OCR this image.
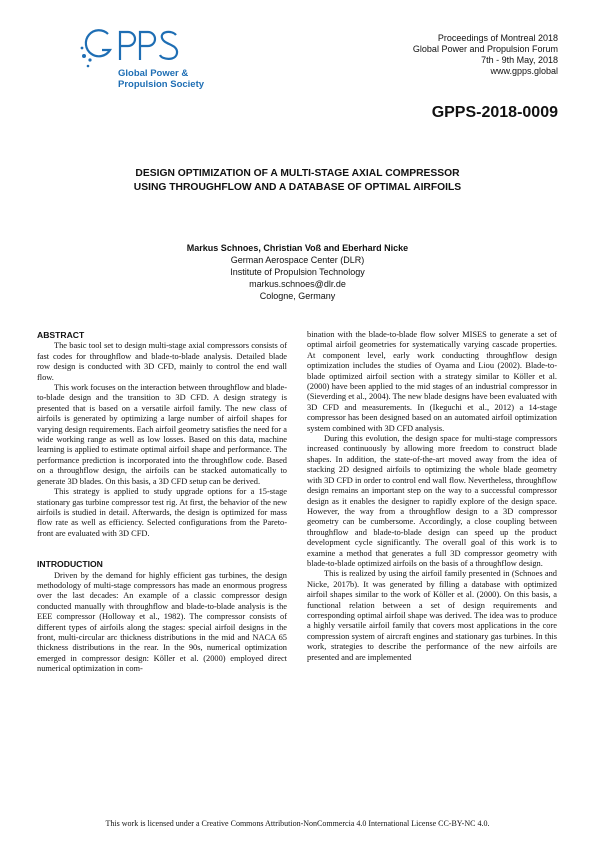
Global Power &
Propulsion Society
Proceedings of Montreal 2018
Global Power and Propulsion Forum
7th - 9th May, 2018
www.gpps.global
GPPS-2018-0009
DESIGN OPTIMIZATION OF A MULTI-STAGE AXIAL COMPRESSOR
USING THROUGHFLOW AND A DATABASE OF OPTIMAL AIRFOILS
Markus Schnoes, Christian Voß and Eberhard Nicke
German Aerospace Center (DLR)
Institute of Propulsion Technology
markus.schnoes@dlr.de
Cologne, Germany
ABSTRACT

The basic tool set to design multi-stage axial compressors consists of fast codes for throughflow and blade-to-blade analysis. Detailed blade row design is conducted with 3D CFD, mainly to control the end wall flow.

This work focuses on the interaction between throughflow and blade-to-blade design and the transition to 3D CFD. A design strategy is presented that is based on a versatile airfoil family. The new class of airfoils is generated by optimizing a large number of airfoil shapes for varying design requirements. Each airfoil geometry satisfies the need for a wide working range as well as low losses. Based on this data, machine learning is applied to estimate optimal airfoil shape and performance. The performance prediction is incorporated into the throughflow code. Based on a throughflow design, the airfoils can be stacked automatically to generate 3D blades. On this basis, a 3D CFD setup can be derived.

This strategy is applied to study upgrade options for a 15-stage stationary gas turbine compressor test rig. At first, the behavior of the new airfoils is studied in detail. Afterwards, the design is optimized for mass flow rate as well as efficiency. Selected configurations from the Pareto-front are evaluated with 3D CFD.

INTRODUCTION

Driven by the demand for highly efficient gas turbines, the design methodology of multi-stage compressors has made an enormous progress over the last decades: An example of a classic compressor design conducted manually with throughflow and blade-to-blade analysis is the EEE compressor (Holloway et al., 1982). The compressor consists of different types of airfoils along the stages: special airfoil designs in the front, multi-circular arc thickness distributions in the mid and NACA 65 thickness distributions in the rear. In the 90s, numerical optimization emerged in compressor design: Köller et al. (2000) employed direct numerical optimization in com-

bination with the blade-to-blade flow solver MISES to generate a set of optimal airfoil geometries for systematically varying cascade properties. At component level, early work conducting throughflow design optimization includes the studies of Oyama and Liou (2002). Blade-to-blade optimized airfoil section with a strategy similar to Köller et al. (2000) have been applied to the mid stages of an industrial compressor in (Sieverding et al., 2004). The new blade designs have been evaluated with 3D CFD and measurements. In (Ikeguchi et al., 2012) a 14-stage compressor has been designed based on an automated airfoil optimization system combined with 3D CFD analysis.

During this evolution, the design space for multi-stage compressors increased continuously by allowing more freedom to construct blade shapes. In addition, the state-of-the-art moved away from the idea of stacking 2D designed airfoils to optimizing the whole blade geometry with 3D CFD in order to control end wall flow. Nevertheless, throughflow design remains an important step on the way to a successful compressor design as it enables the designer to rapidly explore of the design space. However, the way from a throughflow design to a 3D compressor geometry can be cumbersome. Accordingly, a close coupling between throughflow and blade-to-blade design can speed up the product development cycle significantly. The overall goal of this work is to examine a method that generates a full 3D compressor geometry with blade-to-blade optimized airfoils on the basis of a throughflow design.

This is realized by using the airfoil family presented in (Schnoes and Nicke, 2017b). It was generated by filling a database with optimized airfoil shapes similar to the work of Köller et al. (2000). On this basis, a functional relation between a set of design requirements and corresponding optimal airfoil shape was derived. The idea was to produce a highly versatile airfoil family that covers most applications in the core compression system of aircraft engines and stationary gas turbines. In this work, strategies to describe the performance of the new airfoils are presented and are implemented

This work is licensed under a Creative Commons Attribution-NonCommercia 4.0 International License CC-BY-NC 4.0.
